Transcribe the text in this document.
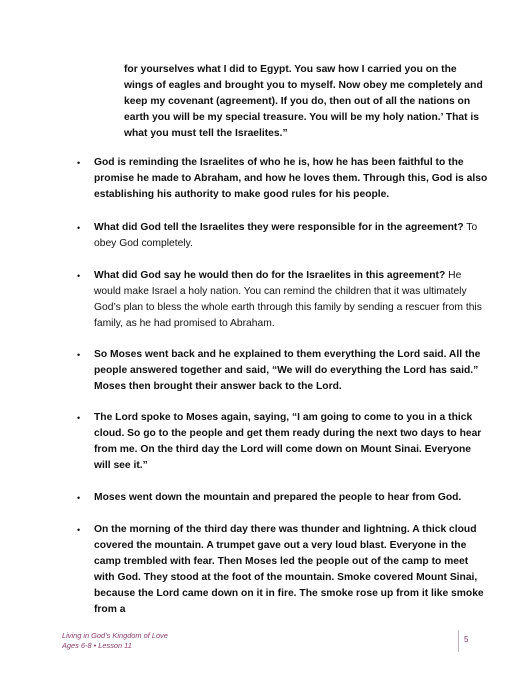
for yourselves what I did to Egypt. You saw how I carried you on the wings of eagles and brought you to myself. Now obey me completely and keep my covenant (agreement). If you do, then out of all the nations on earth you will be my special treasure. You will be my holy nation.’ That is what you must tell the Israelites.”
• God is reminding the Israelites of who he is, how he has been faithful to the promise he made to Abraham, and how he loves them. Through this, God is also establishing his authority to make good rules for his people.
• What did God tell the Israelites they were responsible for in the agreement? To obey God completely.
• What did God say he would then do for the Israelites in this agreement? He would make Israel a holy nation. You can remind the children that it was ultimately God’s plan to bless the whole earth through this family by sending a rescuer from this family, as he had promised to Abraham.
• So Moses went back and he explained to them everything the Lord said. All the people answered together and said, “We will do everything the Lord has said.” Moses then brought their answer back to the Lord.
• The Lord spoke to Moses again, saying, “I am going to come to you in a thick cloud. So go to the people and get them ready during the next two days to hear from me. On the third day the Lord will come down on Mount Sinai. Everyone will see it.”
• Moses went down the mountain and prepared the people to hear from God.
• On the morning of the third day there was thunder and lightning. A thick cloud covered the mountain. A trumpet gave out a very loud blast. Everyone in the camp trembled with fear. Then Moses led the people out of the camp to meet with God. They stood at the foot of the mountain. Smoke covered Mount Sinai, because the Lord came down on it in fire. The smoke rose up from it like smoke from a
Living in God’s Kingdom of Love
Ages 6-8 • Lesson 11
5
